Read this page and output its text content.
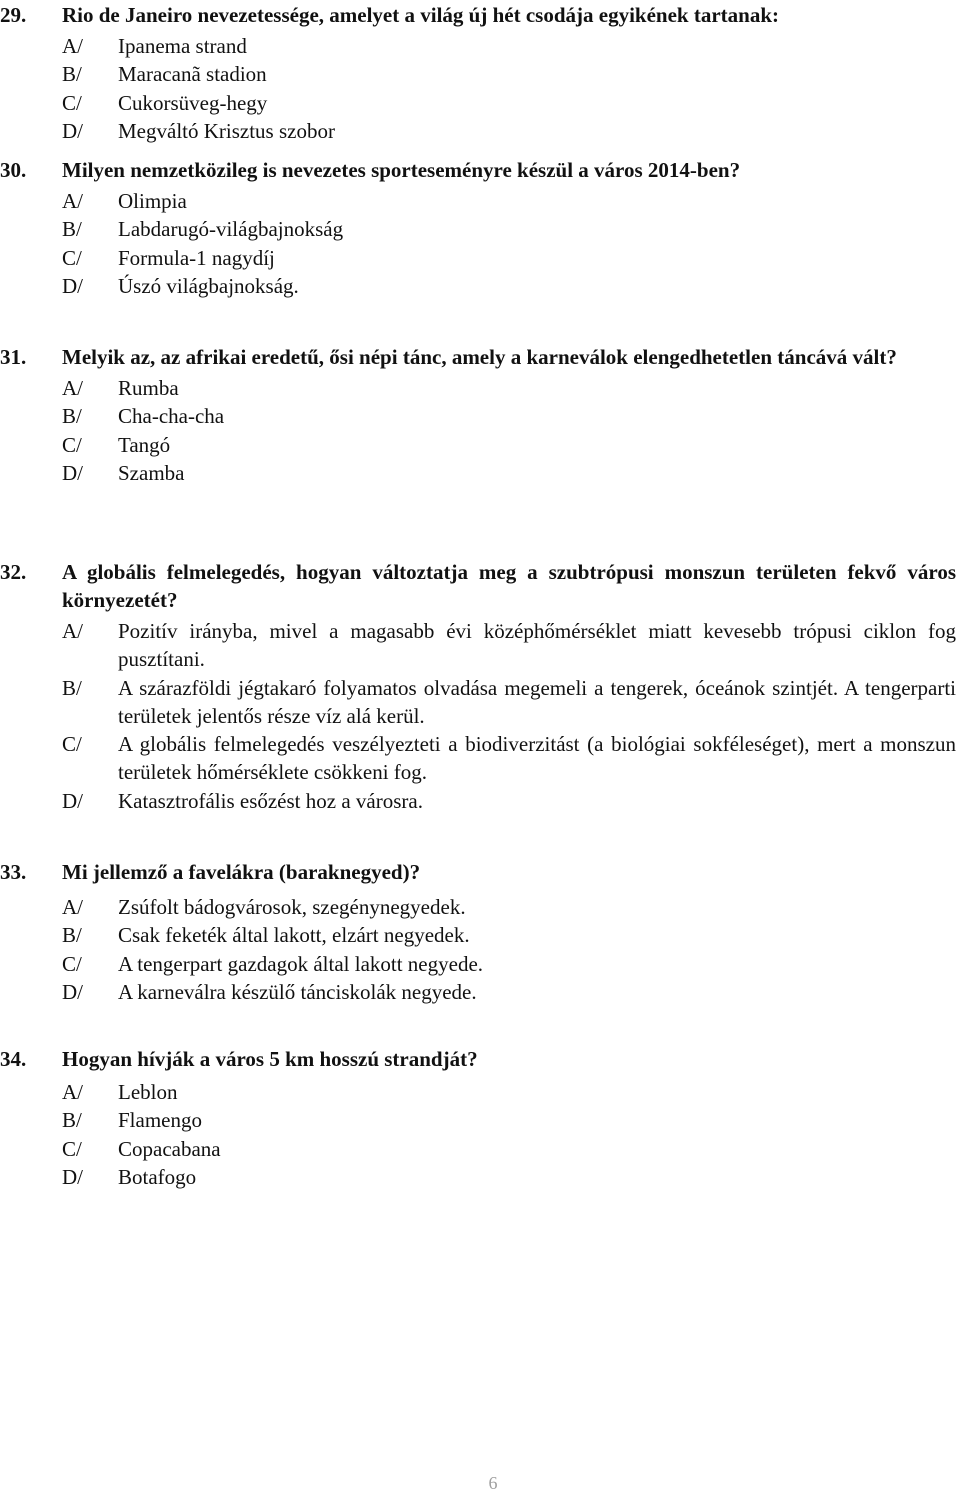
29. Rio de Janeiro nevezetessége, amelyet a világ új hét csodája egyikének tartanak:
A/ Ipanema strand
B/ Maracanã stadion
C/ Cukorsüveg-hegy
D/ Megváltó Krisztus szobor
30. Milyen nemzetközileg is nevezetes sporteseményre készül a város 2014-ben?
A/ Olimpia
B/ Labdarugó-világbajnokság
C/ Formula-1 nagydíj
D/ Úszó világbajnokság.
31. Melyik az, az afrikai eredetű, ősi népi tánc, amely a karneválok elengedhetetlen táncává vált?
A/ Rumba
B/ Cha-cha-cha
C/ Tangó
D/ Szamba
32. A globális felmelegedés, hogyan változtatja meg a szubtrópusi monszun területen fekvő város környezetét?
A/ Pozitív irányba, mivel a magasabb évi középhőmérséklet miatt kevesebb trópusi ciklon fog pusztítani.
B/ A szárazföldi jégtakaró folyamatos olvadása megemeli a tengerek, óceánok szintjét. A tengerparti területek jelentős része víz alá kerül.
C/ A globális felmelegedés veszélyezteti a biodiverzitást (a biológiai sokféleséget), mert a monszun területek hőmérséklete csökkeni fog.
D/ Katasztrofális esőzést hoz a városra.
33. Mi jellemző a favelákra (baraknegyed)?
A/ Zsúfolt bádogvárosok, szegénynegyedek.
B/ Csak feketék által lakott, elzárt negyedek.
C/ A tengerpart gazdagok által lakott negyede.
D/ A karneválra készülő tánciskolák negyede.
34. Hogyan hívják a város 5 km hosszú strandját?
A/ Leblon
B/ Flamengo
C/ Copacabana
D/ Botafogo
6
